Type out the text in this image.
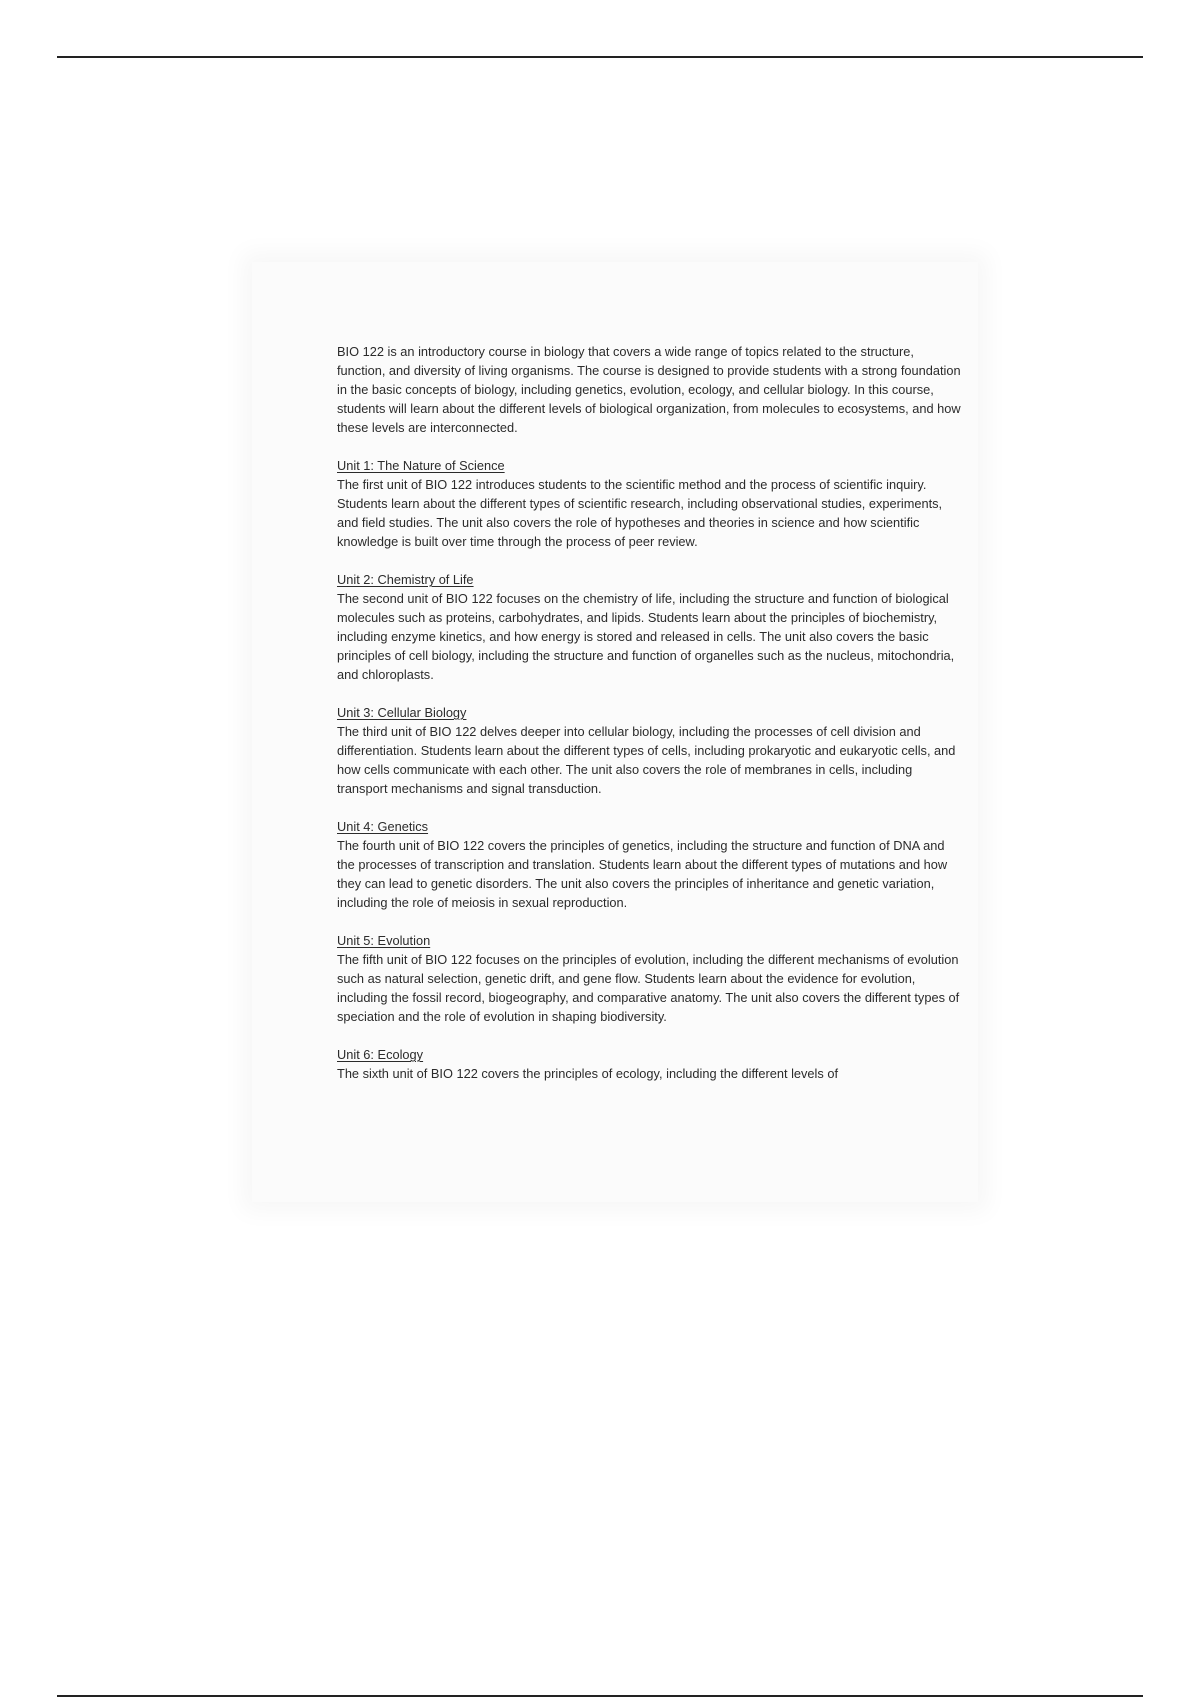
BIO 122 is an introductory course in biology that covers a wide range of topics related to the structure, function, and diversity of living organisms. The course is designed to provide students with a strong foundation in the basic concepts of biology, including genetics, evolution, ecology, and cellular biology. In this course, students will learn about the different levels of biological organization, from molecules to ecosystems, and how these levels are interconnected.

Unit 1: The Nature of Science

The first unit of BIO 122 introduces students to the scientific method and the process of scientific inquiry. Students learn about the different types of scientific research, including observational studies, experiments, and field studies. The unit also covers the role of hypotheses and theories in science and how scientific knowledge is built over time through the process of peer review.

Unit 2: Chemistry of Life

The second unit of BIO 122 focuses on the chemistry of life, including the structure and function of biological molecules such as proteins, carbohydrates, and lipids. Students learn about the principles of biochemistry, including enzyme kinetics, and how energy is stored and released in cells. The unit also covers the basic principles of cell biology, including the structure and function of organelles such as the nucleus, mitochondria, and chloroplasts.

Unit 3: Cellular Biology

The third unit of BIO 122 delves deeper into cellular biology, including the processes of cell division and differentiation. Students learn about the different types of cells, including prokaryotic and eukaryotic cells, and how cells communicate with each other. The unit also covers the role of membranes in cells, including transport mechanisms and signal transduction.

Unit 4: Genetics

The fourth unit of BIO 122 covers the principles of genetics, including the structure and function of DNA and the processes of transcription and translation. Students learn about the different types of mutations and how they can lead to genetic disorders. The unit also covers the principles of inheritance and genetic variation, including the role of meiosis in sexual reproduction.

Unit 5: Evolution

The fifth unit of BIO 122 focuses on the principles of evolution, including the different mechanisms of evolution such as natural selection, genetic drift, and gene flow. Students learn about the evidence for evolution, including the fossil record, biogeography, and comparative anatomy. The unit also covers the different types of speciation and the role of evolution in shaping biodiversity.

Unit 6: Ecology

The sixth unit of BIO 122 covers the principles of ecology, including the different levels of
